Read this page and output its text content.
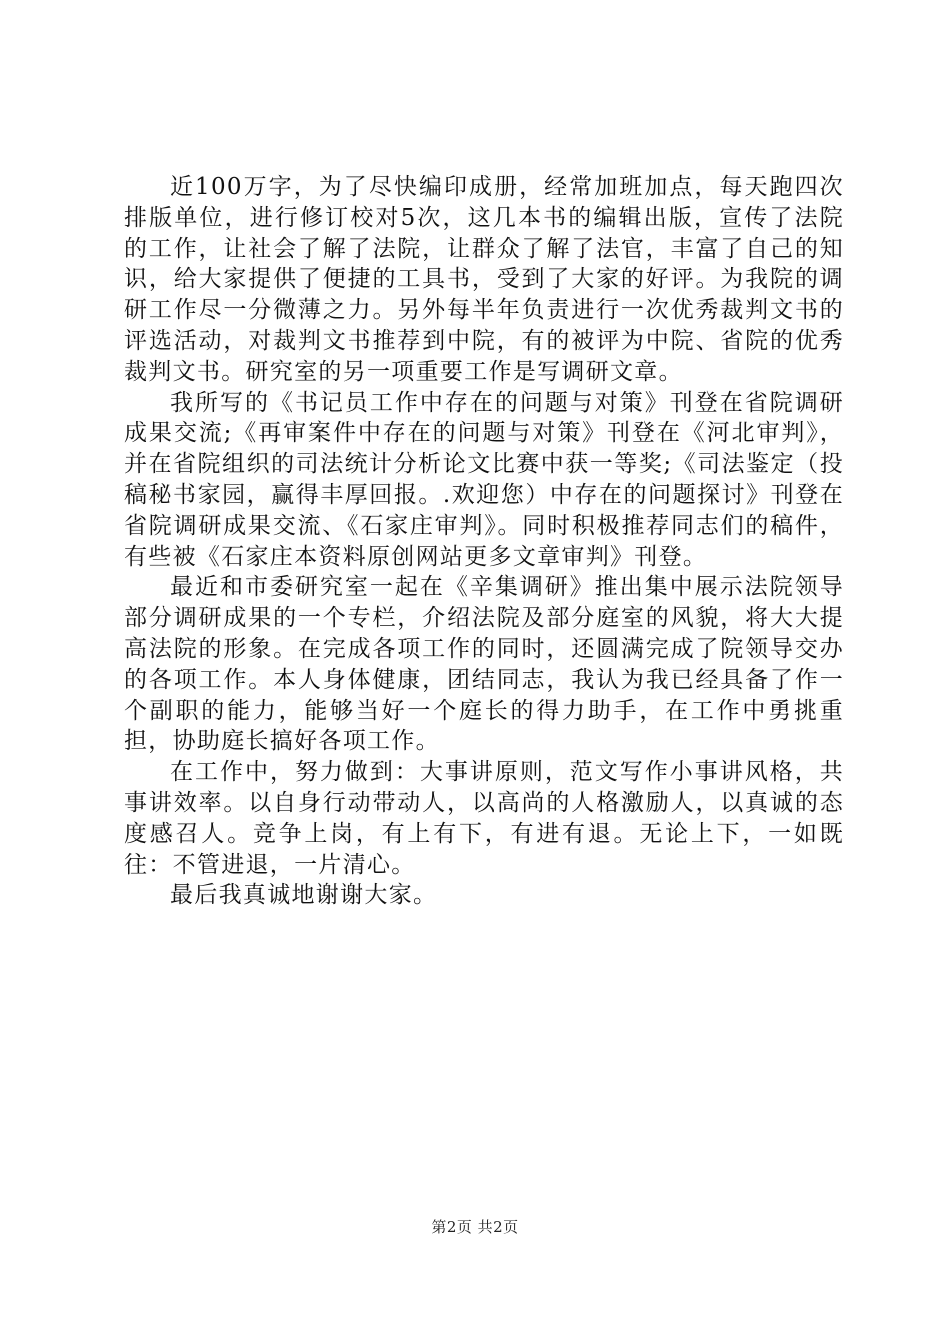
近100万字，为了尽快编印成册，经常加班加点，每天跑四次排版单位，进行修订校对5次，这几本书的编辑出版，宣传了法院的工作，让社会了解了法院，让群众了解了法官，丰富了自己的知识，给大家提供了便捷的工具书，受到了大家的好评。为我院的调研工作尽一分微薄之力。另外每半年负责进行一次优秀裁判文书的评选活动，对裁判文书推荐到中院，有的被评为中院、省院的优秀裁判文书。研究室的另一项重要工作是写调研文章。

我所写的《书记员工作中存在的问题与对策》刊登在省院调研成果交流;《再审案件中存在的问题与对策》刊登在《河北审判》，并在省院组织的司法统计分析论文比赛中获一等奖;《司法鉴定（投稿秘书家园，赢得丰厚回报。.欢迎您）中存在的问题探讨》刊登在省院调研成果交流、《石家庄审判》。同时积极推荐同志们的稿件，有些被《石家庄本资料原创网站更多文章审判》刊登。

最近和市委研究室一起在《辛集调研》推出集中展示法院领导部分调研成果的一个专栏，介绍法院及部分庭室的风貌，将大大提高法院的形象。在完成各项工作的同时，还圆满完成了院领导交办的各项工作。本人身体健康，团结同志，我认为我已经具备了作一个副职的能力，能够当好一个庭长的得力助手，在工作中勇挑重担，协助庭长搞好各项工作。

在工作中，努力做到：大事讲原则，范文写作小事讲风格，共事讲效率。以自身行动带动人，以高尚的人格激励人，以真诚的态度感召人。竞争上岗，有上有下，有进有退。无论上下，一如既往：不管进退，一片清心。

最后我真诚地谢谢大家。

第2页 共2页
